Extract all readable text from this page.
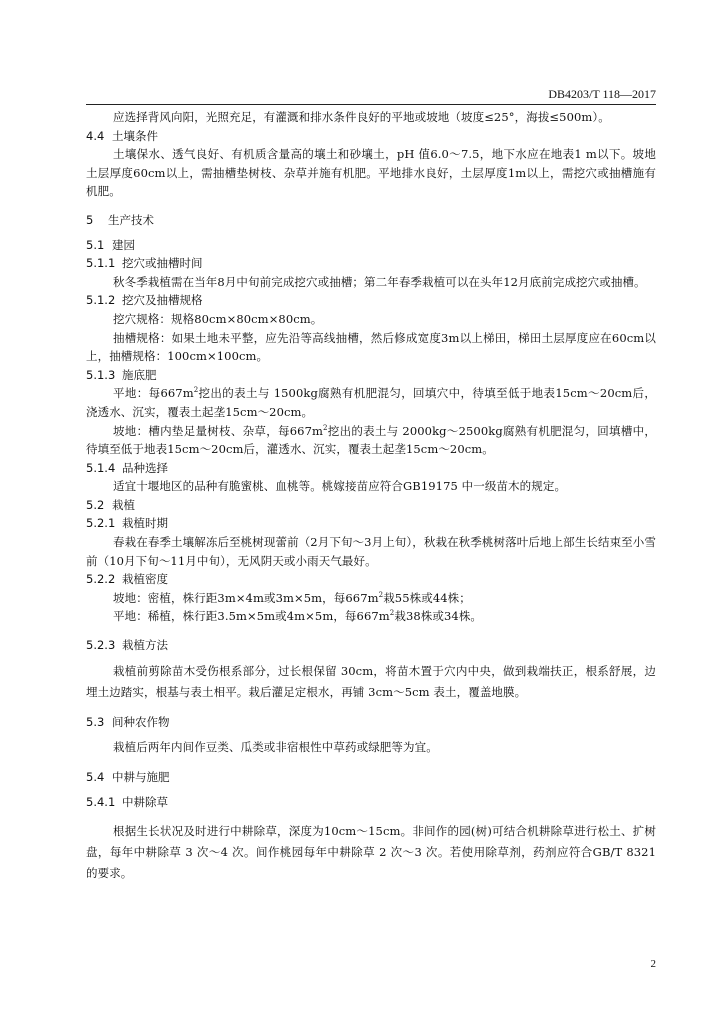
DB4203/T 118—2017

应选择背风向阳，光照充足，有灌溉和排水条件良好的平地或坡地（坡度≤25°，海拔≤500m）。

4.4 土壤条件

土壤保水、透气良好、有机质含量高的壤土和砂壤土，pH 值6.0～7.5，地下水应在地表1 m以下。坡地土层厚度60cm以上，需抽槽垫树枝、杂草并施有机肥。平地排水良好，土层厚度1m以上，需挖穴或抽槽施有机肥。

5 生产技术

5.1 建园

5.1.1 挖穴或抽槽时间

秋冬季栽植需在当年8月中旬前完成挖穴或抽槽；第二年春季栽植可以在头年12月底前完成挖穴或抽槽。

5.1.2 挖穴及抽槽规格

挖穴规格：规格80cm×80cm×80cm。

抽槽规格：如果土地未平整，应先沿等高线抽槽，然后修成宽度3m以上梯田，梯田土层厚度应在60cm以上，抽槽规格：100cm×100cm。

5.1.3 施底肥

平地：每$667m^2$挖出的表土与 1500kg腐熟有机肥混匀，回填穴中，待填至低于地表15cm～20cm后，浇透水、沉实，覆表土起垄15cm～20cm。

坡地：槽内垫足量树枝、杂草，每$667m^2$挖出的表土与 2000kg～2500kg腐熟有机肥混匀，回填槽中，待填至低于地表15cm～20cm后，灌透水、沉实，覆表土起垄15cm～20cm。

5.1.4 品种选择

适宜十堰地区的品种有脆蜜桃、血桃等。桃嫁接苗应符合GB19175 中一级苗木的规定。

5.2 栽植

5.2.1 栽植时期

春栽在春季土壤解冻后至桃树现蕾前（2月下旬～3月上旬），秋栽在秋季桃树落叶后地上部生长结束至小雪前（10月下旬～11月中旬），无风阴天或小雨天气最好。

5.2.2 栽植密度

坡地：密植，株行距3m×4m或3m×5m，每$667m^2$栽55株或44株；

平地：稀植，株行距3.5m×5m或4m×5m，每$667m^2$栽38株或34株。

5.2.3 栽植方法

栽植前剪除苗木受伤根系部分，过长根保留 30cm，将苗木置于穴内中央，做到栽端扶正，根系舒展，边埋土边踏实，根基与表土相平。栽后灌足定根水，再铺 3cm～5cm 表土，覆盖地膜。

5.3 间种农作物

栽植后两年内间作豆类、瓜类或非宿根性中草药或绿肥等为宜。

5.4 中耕与施肥

5.4.1 中耕除草

根据生长状况及时进行中耕除草，深度为10cm～15cm。非间作的园(树)可结合机耕除草进行松土、扩树盘，每年中耕除草 3 次～4 次。间作桃园每年中耕除草 2 次～3 次。若使用除草剂，药剂应符合GB/T 8321 的要求。

2
